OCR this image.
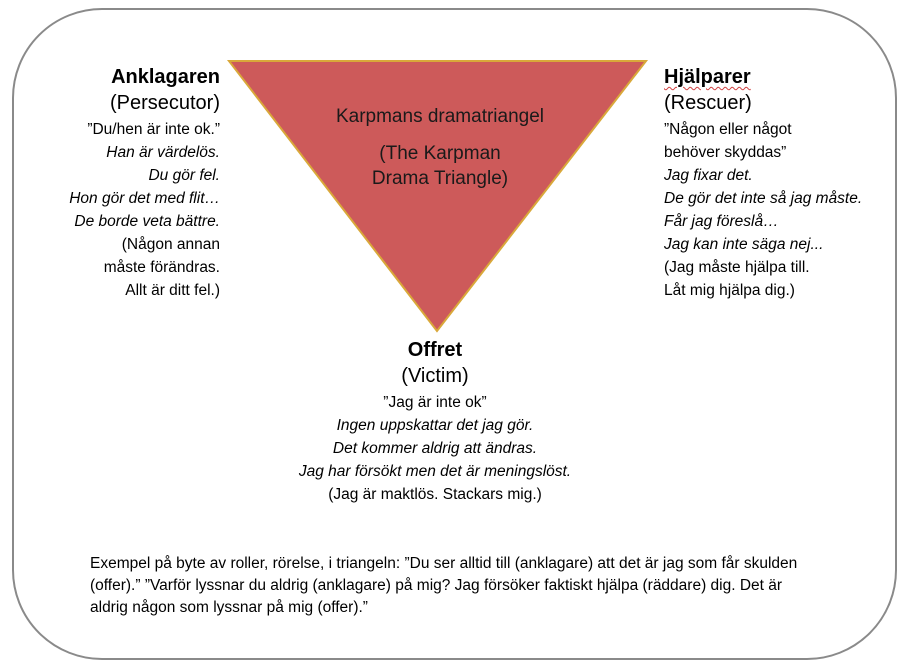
Karpmans dramatriangel
(The Karpman
Drama Triangle)
Anklagaren
(Persecutor)
”Du/hen är inte ok.”
Han är värdelös.
Du gör fel.
Hon gör det med flit…
De borde veta bättre.
(Någon annan
måste förändras.
Allt är ditt fel.)
Hjälparer
(Rescuer)
”Någon eller något
behöver skyddas”
Jag fixar det.
De gör det inte så jag måste.
Får jag föreslå…
Jag kan inte säga nej...
(Jag måste hjälpa till.
Låt mig hjälpa dig.)
Offret
(Victim)
”Jag är inte ok”
Ingen uppskattar det jag gör.
Det kommer aldrig att ändras.
Jag har försökt men det är meningslöst.
(Jag är maktlös. Stackars mig.)
Exempel på byte av roller, rörelse, i triangeln: ”Du ser alltid till (anklagare) att det är jag som får skulden (offer).” ”Varför lyssnar du aldrig (anklagare) på mig? Jag försöker faktiskt hjälpa (räddare) dig. Det är aldrig någon som lyssnar på mig (offer).”
